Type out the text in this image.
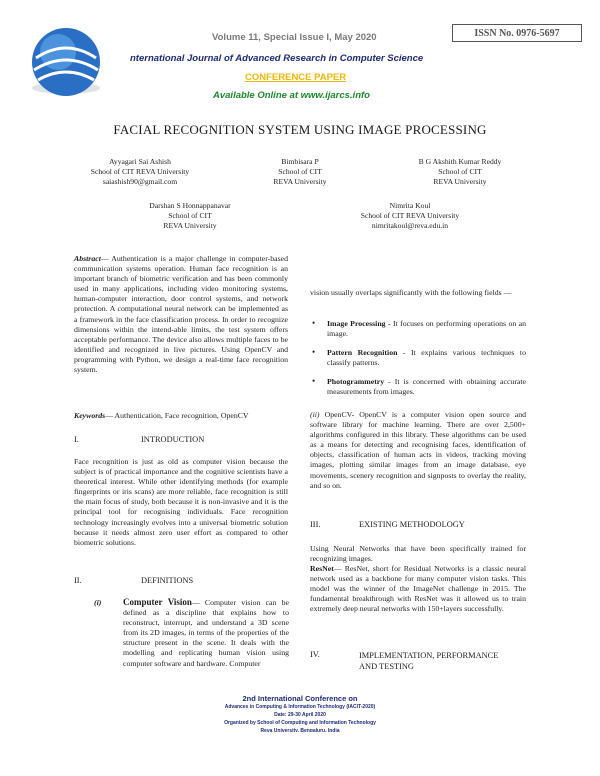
Volume 11, Special Issue I, May 2020	ISSN No. 0976-5697
nternational Journal of Advanced Research in Computer Science
CONFERENCE PAPER
Available Online at www.ijarcs.info
FACIAL RECOGNITION SYSTEM USING IMAGE PROCESSING
Ayyagari Sai Ashish
School of CIT REVA University
saiashish90@gmail.com
Bimbisara P
School of CIT
REVA University
B G Akshith Kumar Reddy
School of CIT
REVA University
Darshan S Honnappanavar
School of CIT
REVA University
Nimrita Koul
School of CIT REVA University
nimritakoul@reva.edu.in
Abstract— Authentication is a major challenge in computer-based communication systems operation. Human face recognition is an important branch of biometric verification and has been commonly used in many applications, including video monitoring systems, human-computer interaction, door control systems, and network protection. A computational neural network can be implemented as a framework in the face classification process. In order to recognize dimensions within the intend-able limits, the test system offers acceptable performance. The device also allows multiple faces to be identified and recognized in live pictures. Using OpenCV and programming with Python, we design a real-time face recognition system.
Keywords— Authentication, Face recognition, OpenCV
I.	INTRODUCTION
Face recognition is just as old as computer vision because the subject is of practical importance and the cognitive scientists have a theoretical interest. While other identifying methods (for example fingerprints or iris scans) are more reliable, face recognition is still the main focus of study, both because it is non-invasive and it is the principal tool for recognising individuals. Face recognition technology increasingly evolves into a universal biometric solution because it needs almost zero user effort as compared to other biometric solutions.
II.	DEFINITIONS
(i) Computer Vision— Computer vision can be defined as a discipline that explains how to reconstruct, interrupt, and understand a 3D scene from its 2D images, in terms of the properties of the structure present in the scene. It deals with the modelling and replicating human vision using computer software and hardware. Computer
vision usually overlaps significantly with the following fields —
• Image Processing - It focuses on performing operations on an image.
• Pattern Recognition - It explains various techniques to classify patterns.
• Photogrammetry - It is concerned with obtaining accurate measurements from images.
(ii) OpenCV- OpenCV is a computer vision open source and software library for machine learning. There are over 2,500+ algorithms configured in this library. These algorithms can be used as a means for detecting and recognising faces, identification of objects, classification of human acts in videos, tracking moving images, plotting similar images from an image database, eye movements, scenery recognition and signposts to overlay the reality, and so on.
III.	EXISTING METHODOLOGY
Using Neural Networks that have been specifically trained for recognizing images.
ResNet— ResNet, short for Residual Networks is a classic neural network used as a backbone for many computer vision tasks. This model was the winner of the ImageNet challenge in 2015. The fundamental breakthrough with ResNet was it allowed us to train extremely deep neural networks with 150+layers successfully.
IV.	IMPLEMENTATION, PERFORMANCE
AND TESTING
2nd International Conference on
Advances in Computing & Information Technology (IACIT-2020)
Date: 29-30 April 2020
Organized by School of Computing and Information Technology
Reva University, Bengaluru, India
